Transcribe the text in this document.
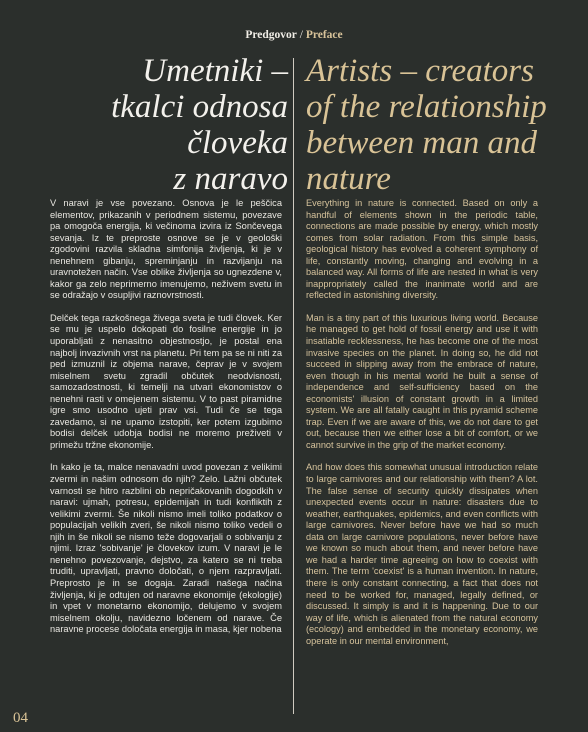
Predgovor / Preface
Umetniki –
tkalci odnosa
človeka
z naravo
Artists – creators
of the relationship
between man and
nature

V naravi je vse povezano. Osnova je le peščica elementov, prikazanih v periodnem sistemu, povezave pa omogoča energija, ki večinoma izvira iz Sončevega sevanja. Iz te preproste osnove se je v geološki zgodovini razvila skladna simfonija življenja, ki je v nenehnem gibanju, spreminjanju in razvijanju na uravnotežen način. Vse oblike življenja so ugnezdene v, kakor ga zelo neprimerno imenujemo, neživem svetu in se odražajo v osupljivi raznovrstnosti.

Delček tega razkošnega živega sveta je tudi človek. Ker se mu je uspelo dokopati do fosilne energije in jo uporabljati z nenasitno objestnostjo, je postal ena najbolj invazivnih vrst na planetu. Pri tem pa se ni niti za ped izmuznil iz objema narave, čeprav je v svojem miselnem svetu zgradil občutek neodvisnosti, samozadostnosti, ki temelji na utvari ekonomistov o nenehni rasti v omejenem sistemu. V to past piramidne igre smo usodno ujeti prav vsi. Tudi če se tega zavedamo, si ne upamo izstopiti, ker potem izgubimo bodisi delček udobja bodisi ne moremo preživeti v primežu tržne ekonomije.

In kako je ta, malce nenavadni uvod povezan z velikimi zvermi in našim odnosom do njih? Zelo. Lažni občutek varnosti se hitro razblini ob nepričakovanih dogodkih v naravi: ujmah, potresu, epidemijah in tudi konfliktih z velikimi zvermi. Še nikoli nismo imeli toliko podatkov o populacijah velikih zveri, še nikoli nismo toliko vedeli o njih in še nikoli se nismo teže dogovarjali o sobivanju z njimi. Izraz 'sobivanje' je človekov izum. V naravi je le nenehno povezovanje, dejstvo, za katero se ni treba truditi, upravljati, pravno določati, o njem razpravljati. Preprosto je in se dogaja. Zaradi našega načina življenja, ki je odtujen od naravne ekonomije (ekologije) in vpet v monetarno ekonomijo, delujemo v svojem miselnem okolju, navidezno ločenem od narave. Če naravne procese določata energija in masa, kjer nobena

Everything in nature is connected. Based on only a handful of elements shown in the periodic table, connections are made possible by energy, which mostly comes from solar radiation. From this simple basis, geological history has evolved a coherent symphony of life, constantly moving, changing and evolving in a balanced way. All forms of life are nested in what is very inappropriately called the inanimate world and are reflected in astonishing diversity.

Man is a tiny part of this luxurious living world. Because he managed to get hold of fossil energy and use it with insatiable recklessness, he has become one of the most invasive species on the planet. In doing so, he did not succeed in slipping away from the embrace of nature, even though in his mental world he built a sense of independence and self-sufficiency based on the economists' illusion of constant growth in a limited system. We are all fatally caught in this pyramid scheme trap. Even if we are aware of this, we do not dare to get out, because then we either lose a bit of comfort, or we cannot survive in the grip of the market economy.

And how does this somewhat unusual introduction relate to large carnivores and our relationship with them? A lot. The false sense of security quickly dissipates when unexpected events occur in nature: disasters due to weather, earthquakes, epidemics, and even conflicts with large carnivores. Never before have we had so much data on large carnivore populations, never before have we known so much about them, and never before have we had a harder time agreeing on how to coexist with them. The term 'coexist' is a human invention. In nature, there is only constant connecting, a fact that does not need to be worked for, managed, legally defined, or discussed. It simply is and it is happening. Due to our way of life, which is alienated from the natural economy (ecology) and embedded in the monetary economy, we operate in our mental environment,

04
